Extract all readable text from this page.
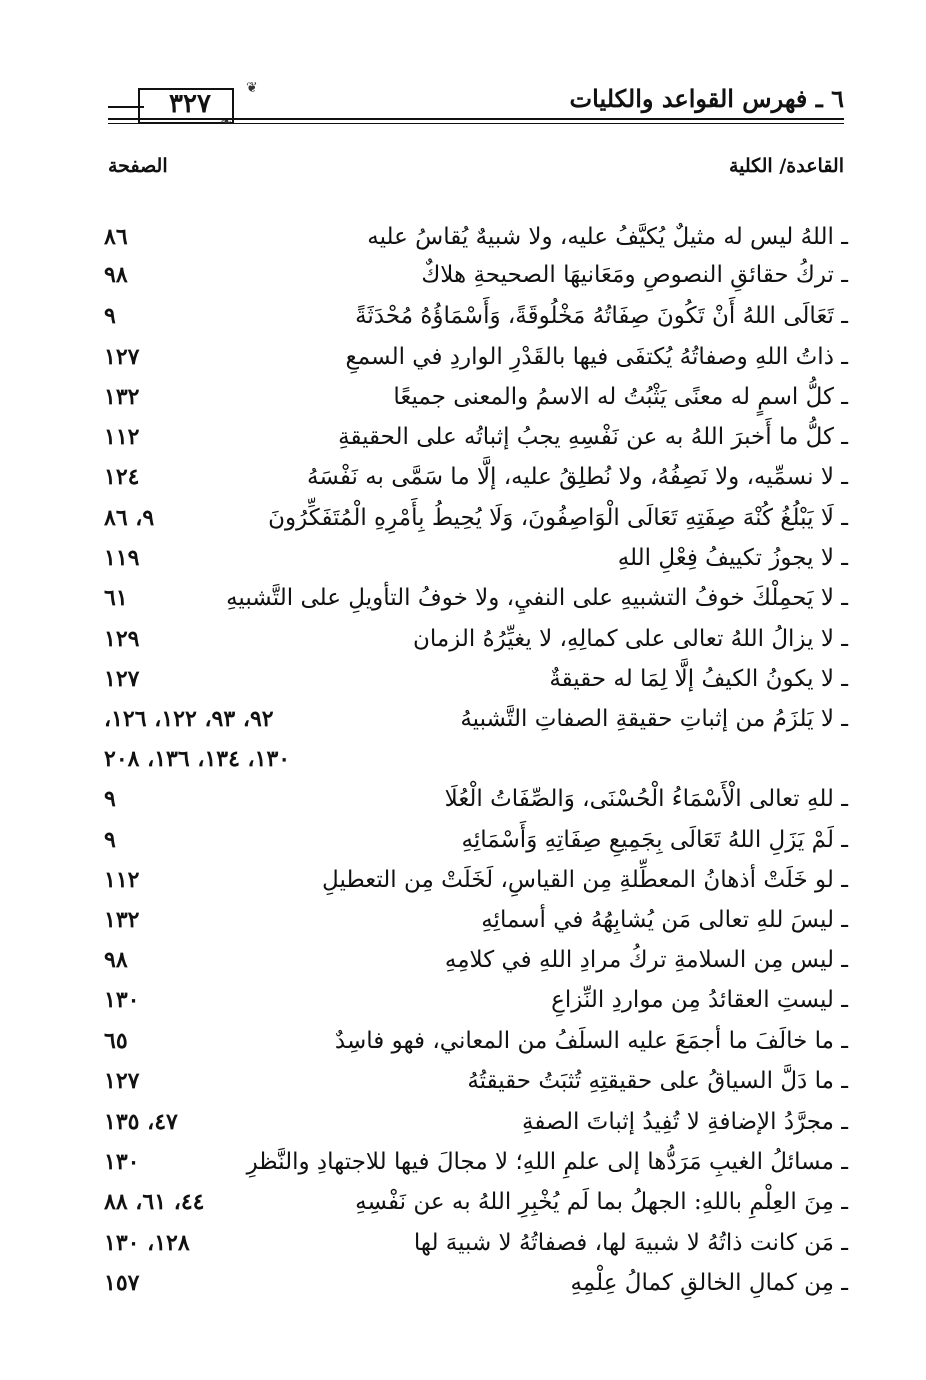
٣٢٧
❦
❧
٦ ـ فهرس القواعد والكليات
القاعدة/ الكلية
الصفحة
ـ اللهُ ليس له مثيلٌ يُكيَّفُ عليه، ولا شبيهٌ يُقاسُ عليه
٨٦
ـ تركُ حقائقِ النصوصِ ومَعَانيهَا الصحيحةِ هلاكٌ
٩٨
ـ تَعَالَى اللهُ أَنْ تَكُونَ صِفَاتُهُ مَخْلُوقَةً، وَأَسْمَاؤُهُ مُحْدَثَةً
٩
ـ ذاتُ اللهِ وصفاتُهُ يُكتفَى فيها بالقَدْرِ الواردِ في السمعِ
١٢٧
ـ كلُّ اسمٍ له معنًى يَثْبُتُ له الاسمُ والمعنى جميعًا
١٣٢
ـ كلُّ ما أَخبرَ اللهُ به عن نَفْسِهِ يجبُ إثباتُه على الحقيقةِ
١١٢
ـ لا نسمِّيه، ولا نَصِفُهُ، ولا نُطلِقُ عليه، إلَّا ما سَمَّى به نَفْسَهُ
١٢٤
ـ لَا يَبْلُغُ كُنْهَ صِفَتِهِ تَعَالَى الْوَاصِفُونَ، وَلَا يُحِيطُ بِأَمْرِهِ الْمُتَفَكِّرُونَ
٩، ٨٦
ـ لا يجوزُ تكييفُ فِعْلِ اللهِ
١١٩
ـ لا يَحمِلْكَ خوفُ التشبيهِ على النفيِ، ولا خوفُ التأويلِ على التَّشبيهِ
٦١
ـ لا يزالُ اللهُ تعالى على كمالِهِ، لا يغيِّرُهُ الزمان
١٢٩
ـ لا يكونُ الكيفُ إلَّا لِمَا له حقيقةٌ
١٢٧
ـ لا يَلزَمُ من إثباتِ حقيقةِ الصفاتِ التَّشبيهُ
٩٢، ٩٣، ١٢٢، ١٢٦،
١٣٠، ١٣٤، ١٣٦، ٢٠٨
ـ للهِ تعالى الْأَسْمَاءُ الْحُسْنَى، وَالصِّفَاتُ الْعُلَا
٩
ـ لَمْ يَزَلِ اللهُ تَعَالَى بِجَمِيعِ صِفَاتِهِ وَأَسْمَائِهِ
٩
ـ لو خَلَتْ أذهانُ المعطِّلةِ مِن القياسِ، لَخَلَتْ مِن التعطيلِ
١١٢
ـ ليسَ للهِ تعالى مَن يُشابِهُهُ في أسمائِهِ
١٣٢
ـ ليس مِن السلامةِ تركُ مرادِ اللهِ في كلامِهِ
٩٨
ـ ليستِ العقائدُ مِن مواردِ النِّزاعِ
١٣٠
ـ ما خالَفَ ما أجمَعَ عليه السلَفُ من المعاني، فهو فاسِدٌ
٦٥
ـ ما دَلَّ السياقُ على حقيقتِهِ تُثبَتُ حقيقتُهُ
١٢٧
ـ مجرَّدُ الإضافةِ لا تُفِيدُ إثباتَ الصفةِ
٤٧، ١٣٥
ـ مسائلُ الغيبِ مَرَدُّها إلى علمِ اللهِ؛ لا مجالَ فيها للاجتهادِ والنَّظرِ
١٣٠
ـ مِنَ العِلْمِ باللهِ: الجهلُ بما لَم يُخْبِرِ اللهُ به عن نَفْسِهِ
٤٤، ٦١، ٨٨
ـ مَن كانت ذاتُهُ لا شبيهَ لها، فصفاتُهُ لا شبيهَ لها
١٢٨، ١٣٠
ـ مِن كمالِ الخالقِ كمالُ عِلْمِهِ
١٥٧
